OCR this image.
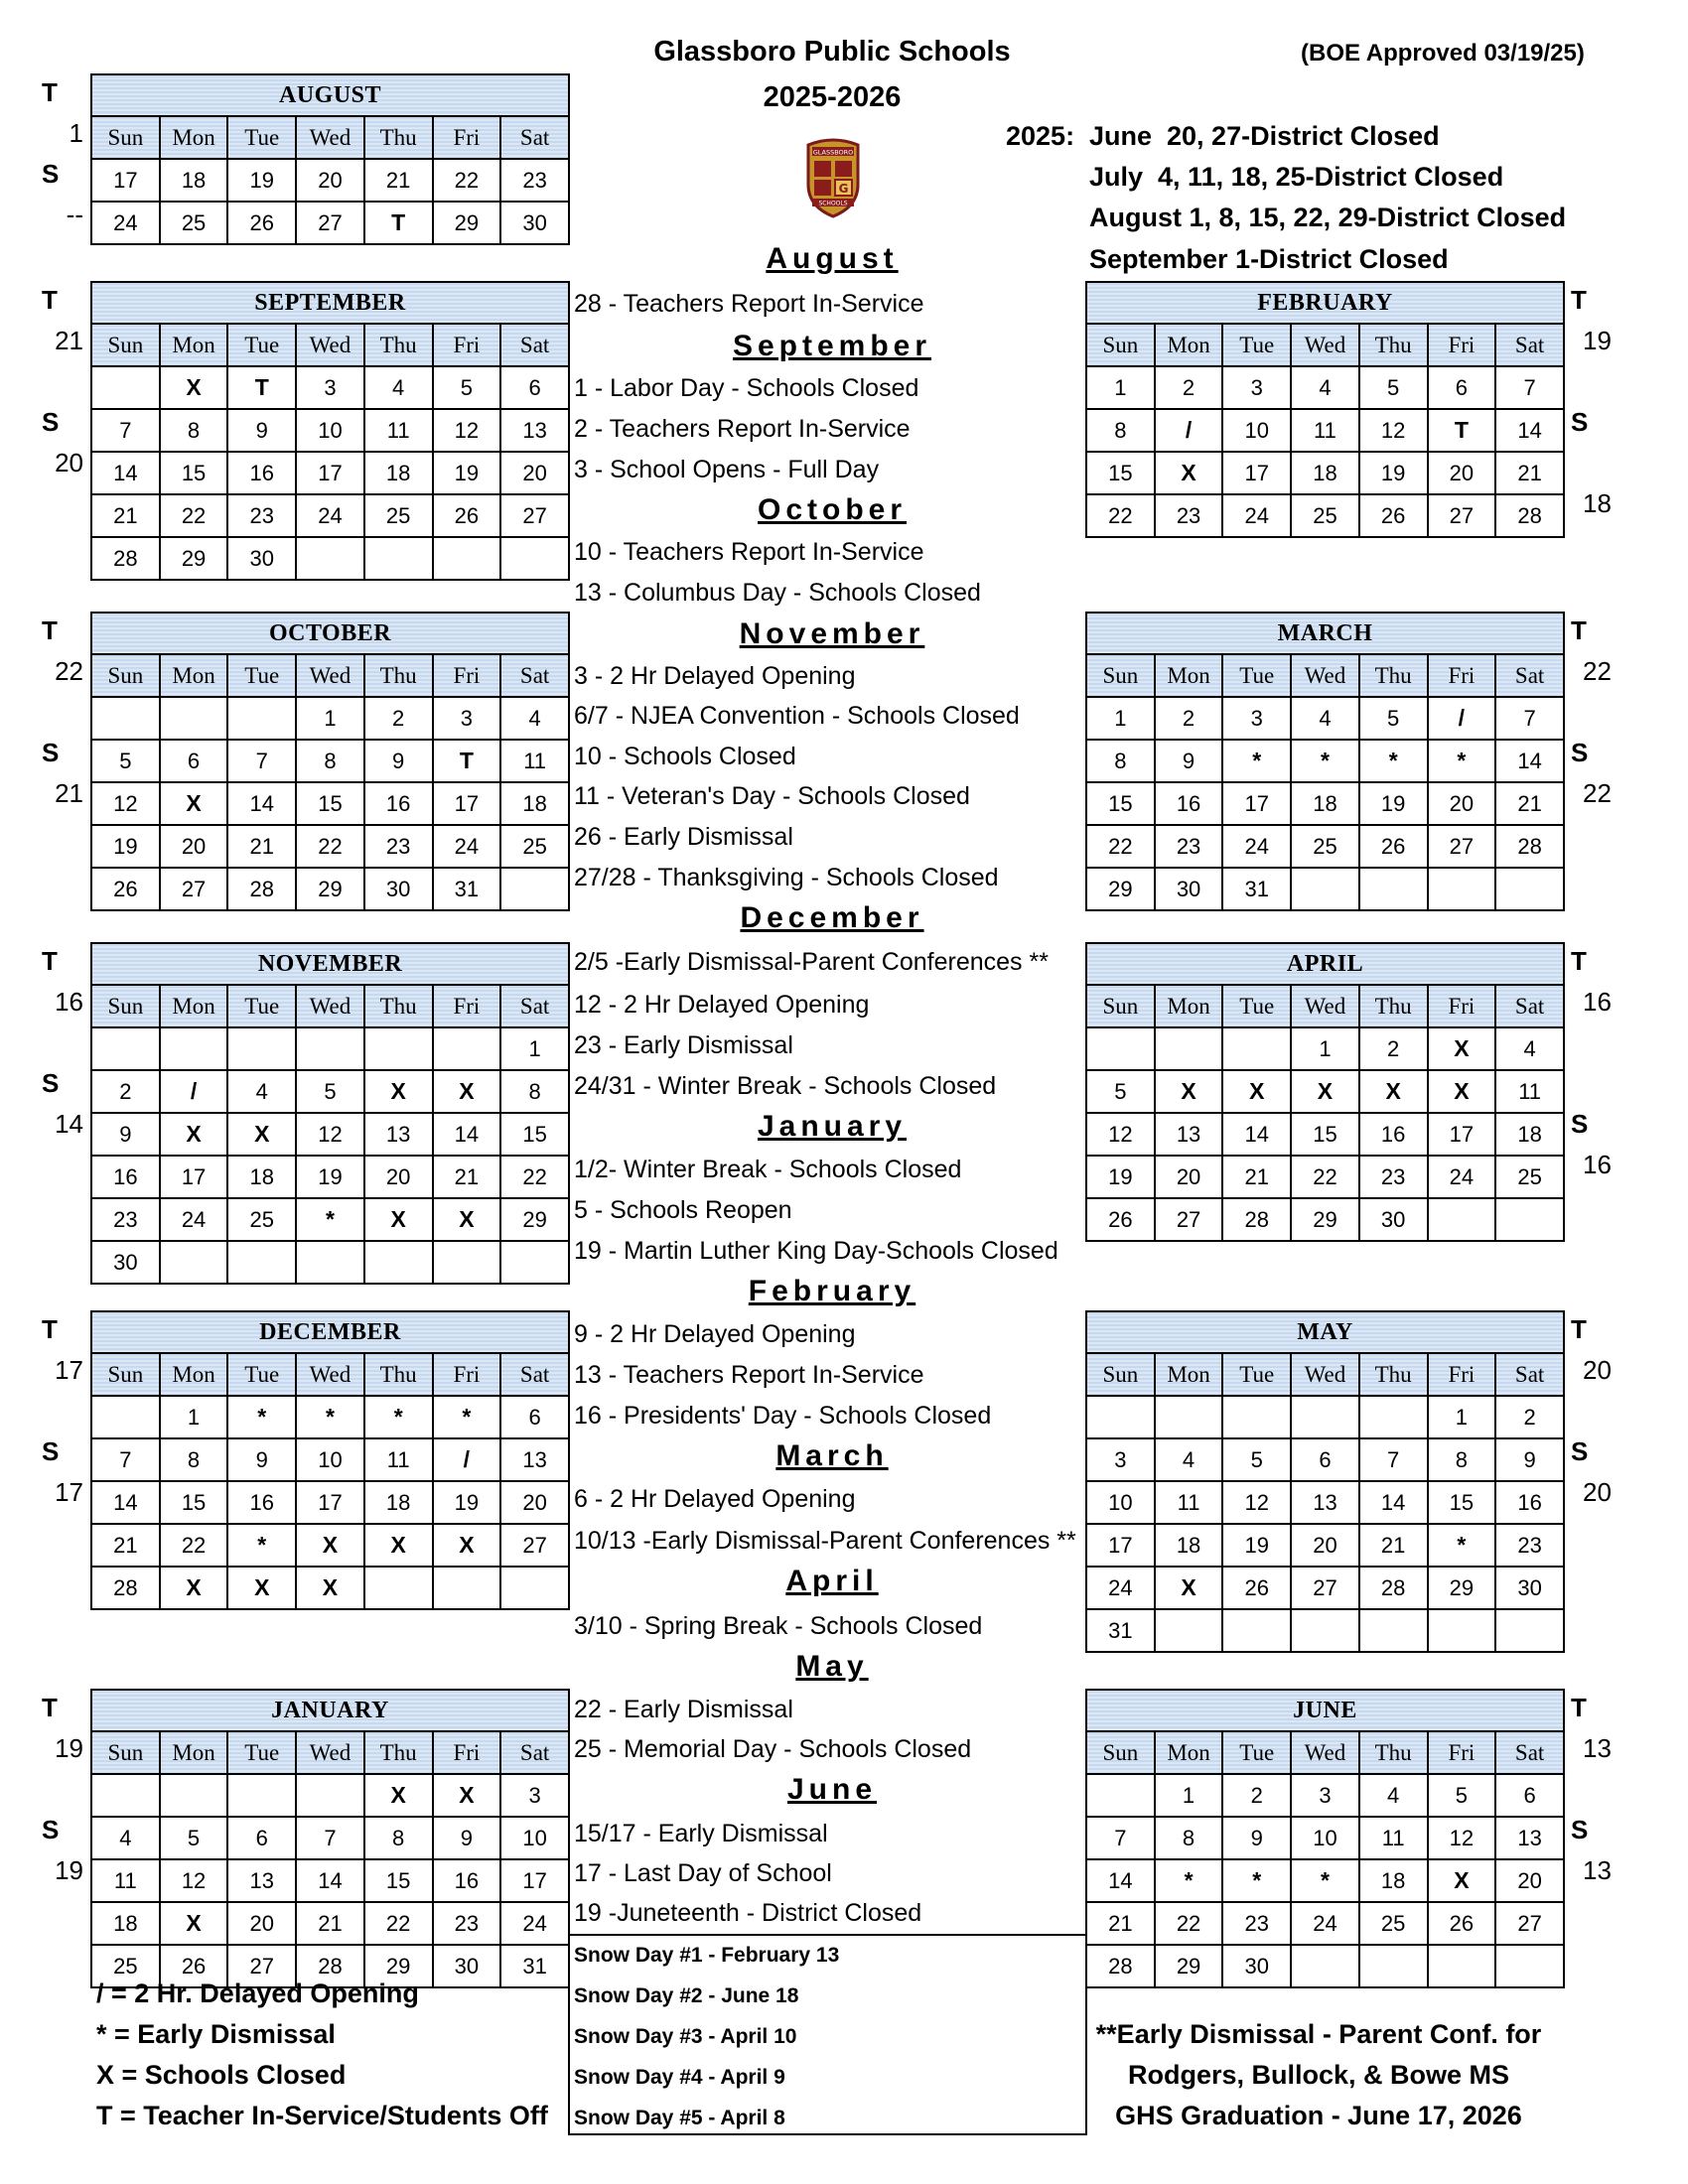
Glassboro Public Schools
2025-2026
(BOE Approved 03/19/25)
GLASSBORO
G
SCHOOLS
2025: June  20, 27-District Closed
July  4, 11, 18, 25-District Closed
August 1, 8, 15, 22, 29-District Closed
September 1-District Closed
AUGUST						
Sun	Mon	Tue	Wed	Thu	Fri	Sat
17	18	19	20	21	22	23
24	25	26	27	T	29	30
SEPTEMBER						
Sun	Mon	Tue	Wed	Thu	Fri	Sat
	X	T	3	4	5	6
7	8	9	10	11	12	13
14	15	16	17	18	19	20
21	22	23	24	25	26	27
28	29	30				
OCTOBER						
Sun	Mon	Tue	Wed	Thu	Fri	Sat
			1	2	3	4
5	6	7	8	9	T	11
12	X	14	15	16	17	18
19	20	21	22	23	24	25
26	27	28	29	30	31	
NOVEMBER						
Sun	Mon	Tue	Wed	Thu	Fri	Sat
						1
2	/	4	5	X	X	8
9	X	X	12	13	14	15
16	17	18	19	20	21	22
23	24	25	*	X	X	29
30						
DECEMBER						
Sun	Mon	Tue	Wed	Thu	Fri	Sat
	1	*	*	*	*	6
7	8	9	10	11	/	13
14	15	16	17	18	19	20
21	22	*	X	X	X	27
28	X	X	X			
JANUARY						
Sun	Mon	Tue	Wed	Thu	Fri	Sat
				X	X	3
4	5	6	7	8	9	10
11	12	13	14	15	16	17
18	X	20	21	22	23	24
25	26	27	28	29	30	31
FEBRUARY						
Sun	Mon	Tue	Wed	Thu	Fri	Sat
1	2	3	4	5	6	7
8	/	10	11	12	T	14
15	X	17	18	19	20	21
22	23	24	25	26	27	28
MARCH						
Sun	Mon	Tue	Wed	Thu	Fri	Sat
1	2	3	4	5	/	7
8	9	*	*	*	*	14
15	16	17	18	19	20	21
22	23	24	25	26	27	28
29	30	31				
APRIL						
Sun	Mon	Tue	Wed	Thu	Fri	Sat
			1	2	X	4
5	X	X	X	X	X	11
12	13	14	15	16	17	18
19	20	21	22	23	24	25
26	27	28	29	30		
MAY						
Sun	Mon	Tue	Wed	Thu	Fri	Sat
					1	2
3	4	5	6	7	8	9
10	11	12	13	14	15	16
17	18	19	20	21	*	23
24	X	26	27	28	29	30
31						
JUNE						
Sun	Mon	Tue	Wed	Thu	Fri	Sat
	1	2	3	4	5	6
7	8	9	10	11	12	13
14	*	*	*	18	X	20
21	22	23	24	25	26	27
28	29	30				
August
28 - Teachers Report In-Service
September
1 - Labor Day - Schools Closed
2 - Teachers Report In-Service
3 - School Opens - Full Day
October
10 - Teachers Report In-Service
13 - Columbus Day - Schools Closed
November
3 - 2 Hr Delayed Opening
6/7 - NJEA Convention - Schools Closed
10 - Schools Closed
11 - Veteran's Day - Schools Closed
26 - Early Dismissal
27/28 - Thanksgiving - Schools Closed
December
2/5 -Early Dismissal-Parent Conferences **
12 - 2 Hr Delayed Opening
23 - Early Dismissal
24/31 - Winter Break - Schools Closed
January
1/2- Winter Break - Schools Closed
5 - Schools Reopen
19 - Martin Luther King Day-Schools Closed
February
9 - 2 Hr Delayed Opening
13 - Teachers Report In-Service
16 - Presidents' Day - Schools Closed
March
6 - 2 Hr Delayed Opening
10/13 -Early Dismissal-Parent Conferences **
April
3/10 - Spring Break - Schools Closed
May
22 - Early Dismissal
25 - Memorial Day - Schools Closed
June
15/17 - Early Dismissal
17 - Last Day of School
19 -Juneteenth - District Closed
Snow Day #1 - February 13
Snow Day #2 - June 18
Snow Day #3 - April 10
Snow Day #4 - April 9
Snow Day #5 - April 8
/ = 2 Hr. Delayed Opening
* = Early Dismissal
X = Schools Closed
T = Teacher In-Service/Students Off
**Early Dismissal - Parent Conf. for
Rodgers, Bullock, & Bowe MS
GHS Graduation - June 17, 2026
T
1
S
--
T
21
S
20
T
22
S
21
T
16
S
14
T
17
S
17
T
19
S
19
T
19
S
18
T
22
S
22
T
16
S
16
T
20
S
20
T
13
S
13
